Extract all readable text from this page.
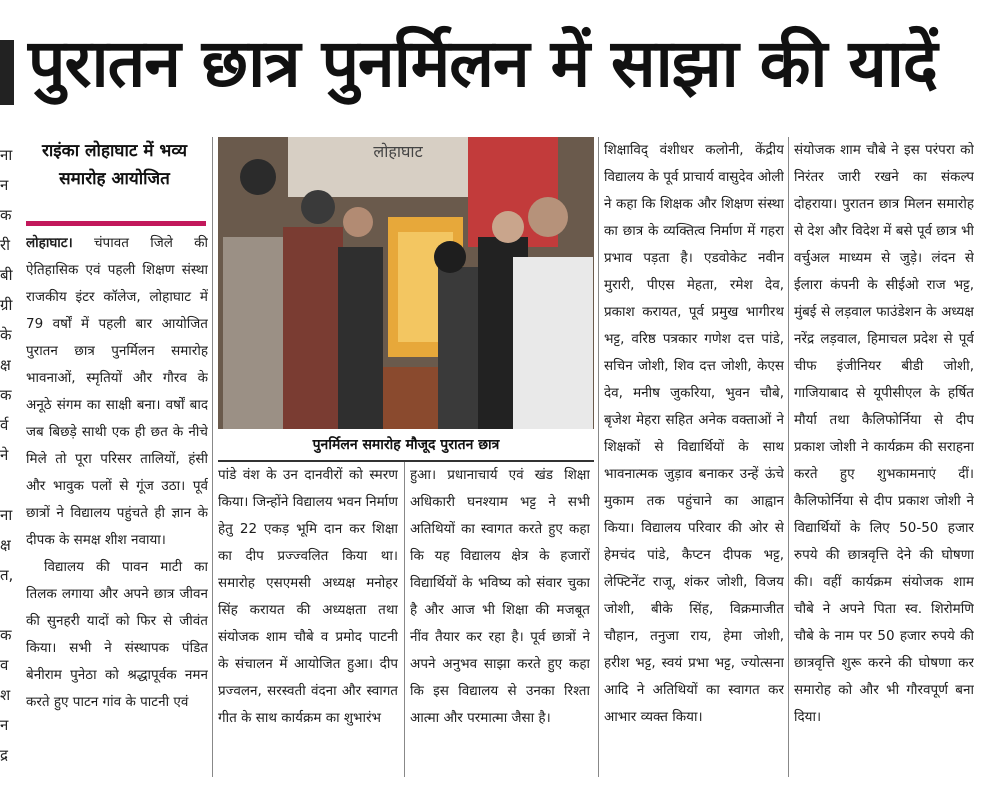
ना
न
क
री
बी
ग्री
के
क्ष
क
र्व
ने
ना
क्ष
त,
क
व
श
न
द्र
पुरातन छात्र पुनर्मिलन में साझा की यादें
राइंका लोहाघाट में भव्य समारोह आयोजित

लोहाघाट। चंपावत जिले की ऐतिहासिक एवं पहली शिक्षण संस्था राजकीय इंटर कॉलेज, लोहाघाट में 79 वर्षों में पहली बार आयोजित पुरातन छात्र पुनर्मिलन समारोह भावनाओं, स्मृतियों और गौरव के अनूठे संगम का साक्षी बना। वर्षों बाद जब बिछड़े साथी एक ही छत के नीचे मिले तो पूरा परिसर तालियों, हंसी और भावुक पलों से गूंज उठा। पूर्व छात्रों ने विद्यालय पहुंचते ही ज्ञान के दीपक के समक्ष शीश नवाया।

विद्यालय की पावन माटी का तिलक लगाया और अपने छात्र जीवन की सुनहरी यादों को फिर से जीवंत किया। सभी ने संस्थापक पंडित बेनीराम पुनेठा को श्रद्धापूर्वक नमन करते हुए पाटन गांव के पाटनी एवं

लोहाघाट
पुनर्मिलन समारोह मौजूद पुरातन छात्र

पांडे वंश के उन दानवीरों को स्मरण किया। जिन्होंने विद्यालय भवन निर्माण हेतु 22 एकड़ भूमि दान कर शिक्षा का दीप प्रज्ज्वलित किया था। समारोह एसएमसी अध्यक्ष मनोहर सिंह करायत की अध्यक्षता तथा संयोजक शाम चौबे व प्रमोद पाटनी के संचालन में आयोजित हुआ। दीप प्रज्वलन, सरस्वती वंदना और स्वागत गीत के साथ कार्यक्रम का शुभारंभ

हुआ। प्रधानाचार्य एवं खंड शिक्षा अधिकारी घनश्याम भट्ट ने सभी अतिथियों का स्वागत करते हुए कहा कि यह विद्यालय क्षेत्र के हजारों विद्यार्थियों के भविष्य को संवार चुका है और आज भी शिक्षा की मजबूत नींव तैयार कर रहा है। पूर्व छात्रों ने अपने अनुभव साझा करते हुए कहा कि इस विद्यालय से उनका रिश्ता आत्मा और परमात्मा जैसा है।

शिक्षाविद् वंशीधर कलोनी, केंद्रीय विद्यालय के पूर्व प्राचार्य वासुदेव ओली ने कहा कि शिक्षक और शिक्षण संस्था का छात्र के व्यक्तित्व निर्माण में गहरा प्रभाव पड़ता है। एडवोकेट नवीन मुरारी, पीएस मेहता, रमेश देव, प्रकाश करायत, पूर्व प्रमुख भागीरथ भट्ट, वरिष्ठ पत्रकार गणेश दत्त पांडे, सचिन जोशी, शिव दत्त जोशी, केएस देव, मनीष जुकरिया, भुवन चौबे, बृजेश मेहरा सहित अनेक वक्ताओं ने शिक्षकों से विद्यार्थियों के साथ भावनात्मक जुड़ाव बनाकर उन्हें ऊंचे मुकाम तक पहुंचाने का आह्वान किया। विद्यालय परिवार की ओर से हेमचंद पांडे, कैप्टन दीपक भट्ट, लेफ्टिनेंट राजू, शंकर जोशी, विजय जोशी, बीके सिंह, विक्रमाजीत चौहान, तनुजा राय, हेमा जोशी, हरीश भट्ट, स्वयं प्रभा भट्ट, ज्योत्सना आदि ने अतिथियों का स्वागत कर आभार व्यक्त किया।

संयोजक शाम चौबे ने इस परंपरा को निरंतर जारी रखने का संकल्प दोहराया। पुरातन छात्र मिलन समारोह से देश और विदेश में बसे पूर्व छात्र भी वर्चुअल माध्यम से जुड़े। लंदन से ईलारा कंपनी के सीईओ राज भट्ट, मुंबई से लड़वाल फाउंडेशन के अध्यक्ष नरेंद्र लड़वाल, हिमाचल प्रदेश से पूर्व चीफ इंजीनियर बीडी जोशी, गाजियाबाद से यूपीसीएल के हर्षित मौर्या तथा कैलिफोर्निया से दीप प्रकाश जोशी ने कार्यक्रम की सराहना करते हुए शुभकामनाएं दीं। कैलिफोर्निया से दीप प्रकाश जोशी ने विद्यार्थियों के लिए 50-50 हजार रुपये की छात्रवृत्ति देने की घोषणा की। वहीं कार्यक्रम संयोजक शाम चौबे ने अपने पिता स्व. शिरोमणि चौबे के नाम पर 50 हजार रुपये की छात्रवृत्ति शुरू करने की घोषणा कर समारोह को और भी गौरवपूर्ण बना दिया।
